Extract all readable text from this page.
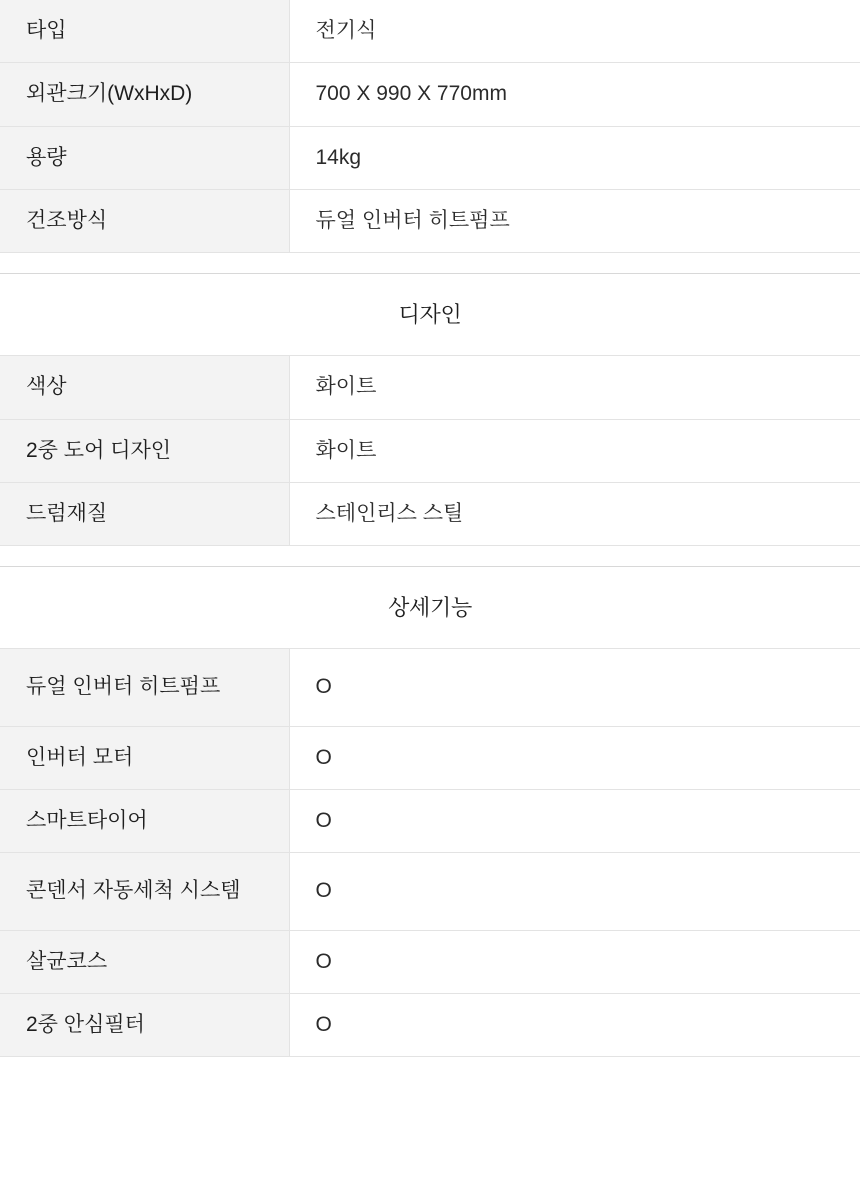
타입	전기식
외관크기(WxHxD)	700 X 990 X 770mm
용량	14kg
건조방식	듀얼 인버터 히트펌프
디자인
색상	화이트
2중 도어 디자인	화이트
드럼재질	스테인리스 스틸
상세기능
듀얼 인버터 히트펌프	O
인버터 모터	O
스마트타이어	O
콘덴서 자동세척 시스템	O
살균코스	O
2중 안심필터	O
